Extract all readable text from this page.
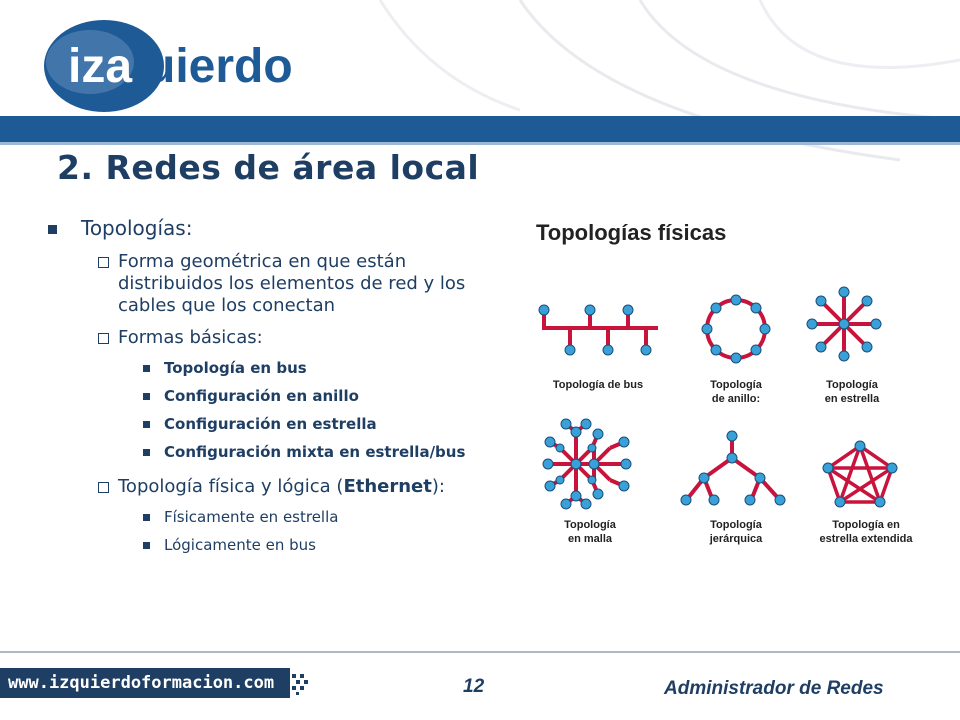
iza uierdo
2. Redes de área local
Topologías:
Forma geométrica en que están distribuidos los elementos de red y los cables que los conectan
Formas básicas:
Topología en bus
Configuración en anillo
Configuración en estrella
Configuración mixta en estrella/bus
Topología física y lógica (Ethernet):
Físicamente en estrella
Lógicamente en bus
Topologías físicas
Topología de bus	Topología
de anillo:
Topología
en estrella
Topología
en malla
Topología
jerárquica
Topología en
estrella extendida
www.izquierdoformacion.com	12	Administrador de Redes
